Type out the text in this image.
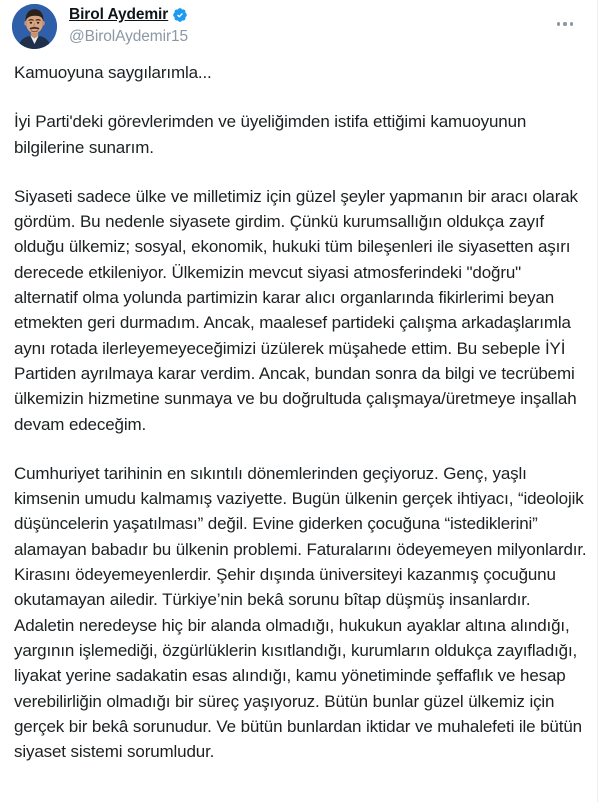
Birol Aydemir
@BirolAydemir15

Kamuoyuna saygılarımla...

İyi Parti'deki görevlerimden ve üyeliğimden istifa ettiğimi kamuoyunun bilgilerine sunarım.

Siyaseti sadece ülke ve milletimiz için güzel şeyler yapmanın bir aracı olarak gördüm. Bu nedenle siyasete girdim. Çünkü kurumsallığın oldukça zayıf olduğu ülkemiz; sosyal, ekonomik, hukuki tüm bileşenleri ile siyasetten aşırı derecede etkileniyor. Ülkemizin mevcut siyasi atmosferindeki "doğru" alternatif olma yolunda partimizin karar alıcı organlarında fikirlerimi beyan etmekten geri durmadım. Ancak, maalesef partideki çalışma arkadaşlarımla aynı rotada ilerleyemeyeceğimizi üzülerek müşahede ettim. Bu sebeple İYİ Partiden ayrılmaya karar verdim. Ancak, bundan sonra da bilgi ve tecrübemi ülkemizin hizmetine sunmaya ve bu doğrultuda çalışmaya/üretmeye inşallah devam edeceğim.

Cumhuriyet tarihinin en sıkıntılı dönemlerinden geçiyoruz. Genç, yaşlı kimsenin umudu kalmamış vaziyette. Bugün ülkenin gerçek ihtiyacı, “ideolojik düşüncelerin yaşatılması” değil. Evine giderken çocuğuna “istediklerini” alamayan babadır bu ülkenin problemi. Faturalarını ödeyemeyen milyonlardır. Kirasını ödeyemeyenlerdir. Şehir dışında üniversiteyi kazanmış çocuğunu okutamayan ailedir. Türkiye’nin bekâ sorunu bîtap düşmüş insanlardır. Adaletin neredeyse hiç bir alanda olmadığı, hukukun ayaklar altına alındığı, yargının işlemediği, özgürlüklerin kısıtlandığı, kurumların oldukça zayıfladığı, liyakat yerine sadakatin esas alındığı, kamu yönetiminde şeffaflık ve hesap verebilirliğin olmadığı bir süreç yaşıyoruz. Bütün bunlar güzel ülkemiz için gerçek bir bekâ sorunudur. Ve bütün bunlardan iktidar ve muhalefeti ile bütün siyaset sistemi sorumludur.
